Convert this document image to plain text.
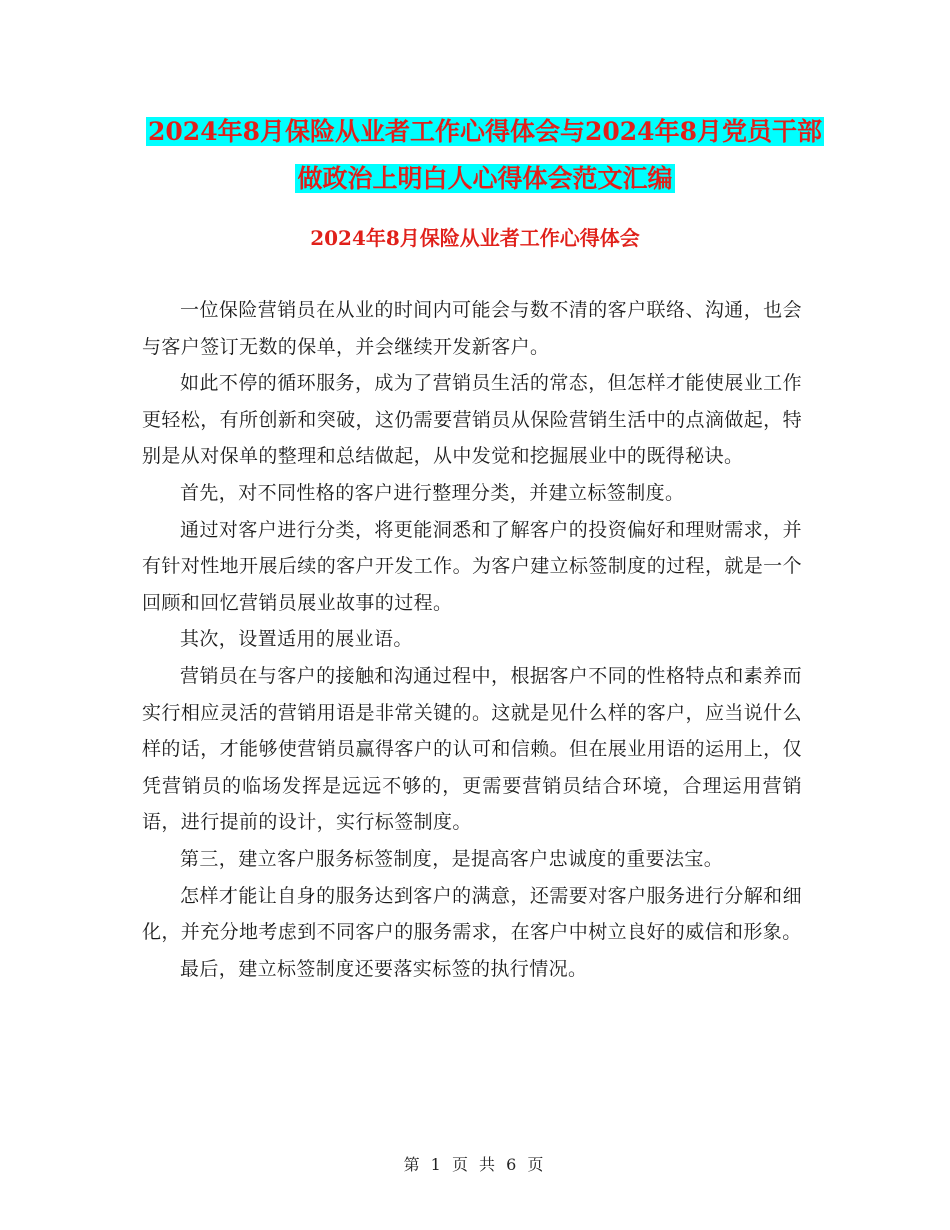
2024年8月保险从业者工作心得体会与2024年8月党员干部做政治上明白人心得体会范文汇编
2024年8月保险从业者工作心得体会

一位保险营销员在从业的时间内可能会与数不清的客户联络、沟通，也会与客户签订无数的保单，并会继续开发新客户。

如此不停的循环服务，成为了营销员生活的常态，但怎样才能使展业工作更轻松，有所创新和突破，这仍需要营销员从保险营销生活中的点滴做起，特别是从对保单的整理和总结做起，从中发觉和挖掘展业中的既得秘诀。

首先，对不同性格的客户进行整理分类，并建立标签制度。

通过对客户进行分类，将更能洞悉和了解客户的投资偏好和理财需求，并有针对性地开展后续的客户开发工作。为客户建立标签制度的过程，就是一个回顾和回忆营销员展业故事的过程。

其次，设置适用的展业语。

营销员在与客户的接触和沟通过程中，根据客户不同的性格特点和素养而实行相应灵活的营销用语是非常关键的。这就是见什么样的客户，应当说什么样的话，才能够使营销员赢得客户的认可和信赖。但在展业用语的运用上，仅凭营销员的临场发挥是远远不够的，更需要营销员结合环境，合理运用营销语，进行提前的设计，实行标签制度。

第三，建立客户服务标签制度，是提高客户忠诚度的重要法宝。

怎样才能让自身的服务达到客户的满意，还需要对客户服务进行分解和细化，并充分地考虑到不同客户的服务需求，在客户中树立良好的威信和形象。

最后，建立标签制度还要落实标签的执行情况。

第 1 页 共 6 页
